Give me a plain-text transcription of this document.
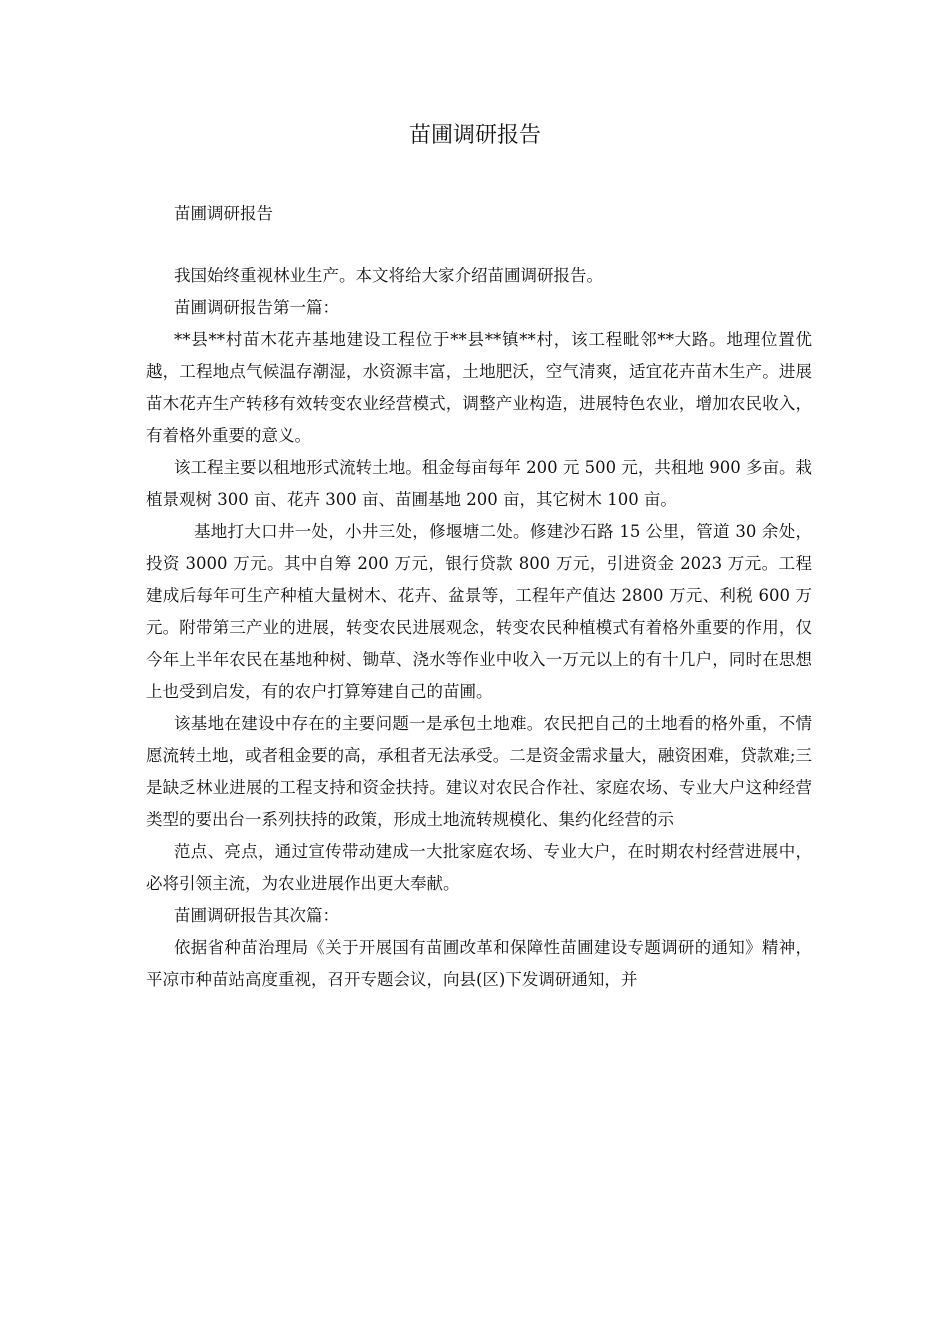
苗圃调研报告

苗圃调研报告

我国始终重视林业生产。本文将给大家介绍苗圃调研报告。

苗圃调研报告第一篇：

**县**村苗木花卉基地建设工程位于**县**镇**村，该工程毗邻**大路。地理位置优越，工程地点气候温存潮湿，水资源丰富，土地肥沃，空气清爽，适宜花卉苗木生产。进展苗木花卉生产转移有效转变农业经营模式，调整产业构造，进展特色农业，增加农民收入，有着格外重要的意义。

该工程主要以租地形式流转土地。租金每亩每年 200 元 500 元，共租地 900 多亩。栽植景观树 300 亩、花卉 300 亩、苗圃基地 200 亩，其它树木 100 亩。

基地打大口井一处，小井三处，修堰塘二处。修建沙石路 15 公里，管道 30 余处，投资 3000 万元。其中自筹 200 万元，银行贷款 800 万元，引进资金 2023 万元。工程建成后每年可生产种植大量树木、花卉、盆景等，工程年产值达 2800 万元、利税 600 万元。附带第三产业的进展，转变农民进展观念，转变农民种植模式有着格外重要的作用，仅今年上半年农民在基地种树、锄草、浇水等作业中收入一万元以上的有十几户，同时在思想上也受到启发，有的农户打算筹建自己的苗圃。

该基地在建设中存在的主要问题一是承包土地难。农民把自己的土地看的格外重，不情愿流转土地，或者租金要的高，承租者无法承受。二是资金需求量大，融资困难，贷款难;三是缺乏林业进展的工程支持和资金扶持。建议对农民合作社、家庭农场、专业大户这种经营类型的要出台一系列扶持的政策，形成土地流转规模化、集约化经营的示

范点、亮点，通过宣传带动建成一大批家庭农场、专业大户，在时期农村经营进展中，必将引领主流，为农业进展作出更大奉献。

苗圃调研报告其次篇：

依据省种苗治理局《关于开展国有苗圃改革和保障性苗圃建设专题调研的通知》精神，平凉市种苗站高度重视，召开专题会议，向县(区)下发调研通知，并
